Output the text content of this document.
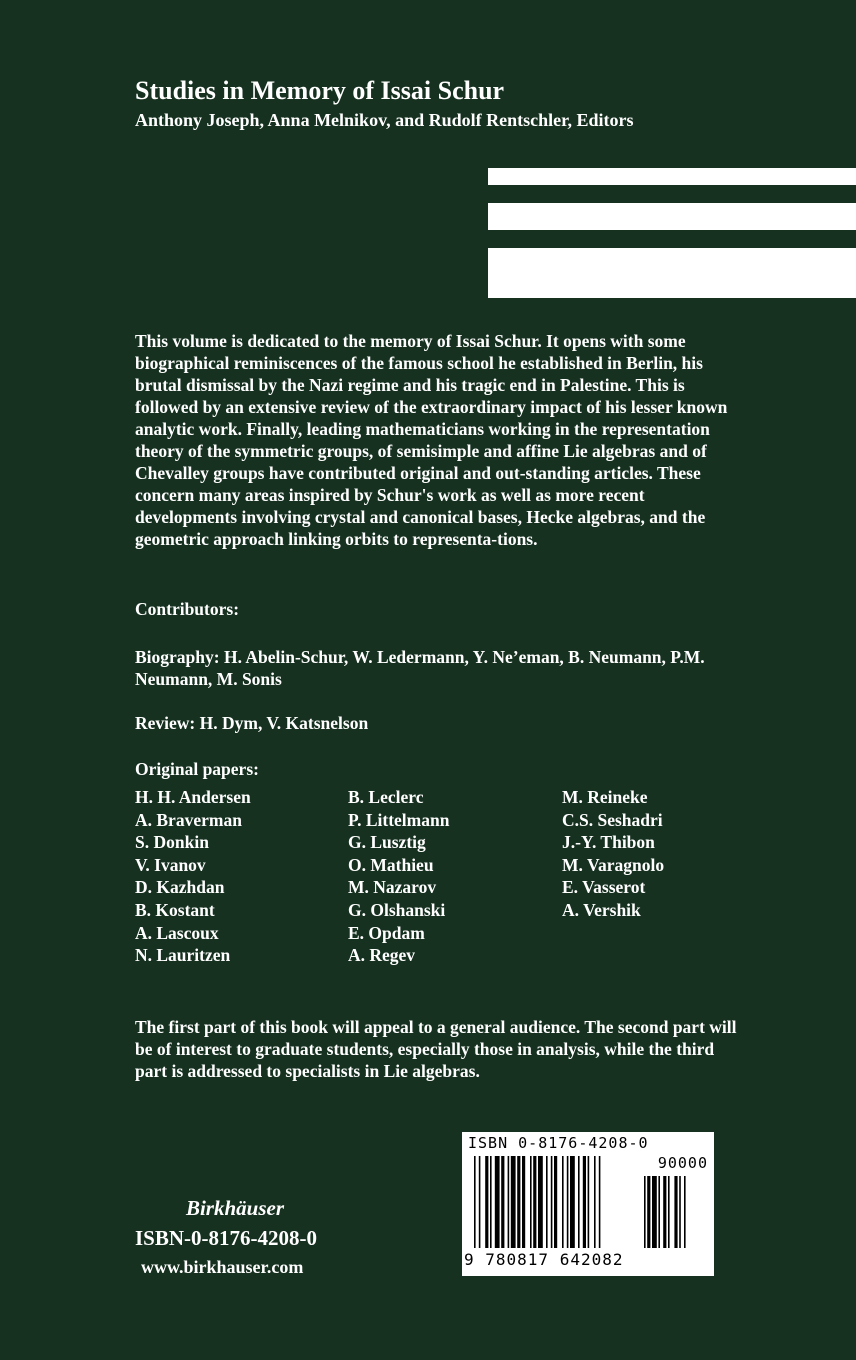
Studies in Memory of Issai Schur

Anthony Joseph, Anna Melnikov, and Rudolf Rentschler, Editors

This volume is dedicated to the memory of Issai Schur. It opens with some biographical reminiscences of the famous school he established in Berlin, his brutal dismissal by the Nazi regime and his tragic end in Palestine. This is followed by an extensive review of the extraordinary impact of his lesser known analytic work. Finally, leading mathematicians working in the representation theory of the symmetric groups, of semisimple and affine Lie algebras and of Chevalley groups have contributed original and out-standing articles. These concern many areas inspired by Schur's work as well as more recent developments involving crystal and canonical bases, Hecke algebras, and the geometric approach linking orbits to representa-tions.

Contributors:

Biography: H. Abelin-Schur, W. Ledermann, Y. Ne’eman, B. Neumann, P.M. Neumann, M. Sonis

Review: H. Dym, V. Katsnelson

Original papers:

H. H. Andersen
A. Braverman
S. Donkin
V. Ivanov
D. Kazhdan
B. Kostant
A. Lascoux
N. Lauritzen
B. Leclerc
P. Littelmann
G. Lusztig
O. Mathieu
M. Nazarov
G. Olshanski
E. Opdam
A. Regev
M. Reineke
C.S. Seshadri
J.-Y. Thibon
M. Varagnolo
E. Vasserot
A. Vershik

The first part of this book will appeal to a general audience. The second part will be of interest to graduate students, especially those in analysis, while the third part is addressed to specialists in Lie algebras.

Birkhäuser

ISBN-0-8176-4208-0

www.birkhauser.com

ISBN 0-8176-4208-0
90000
9 780817 642082
